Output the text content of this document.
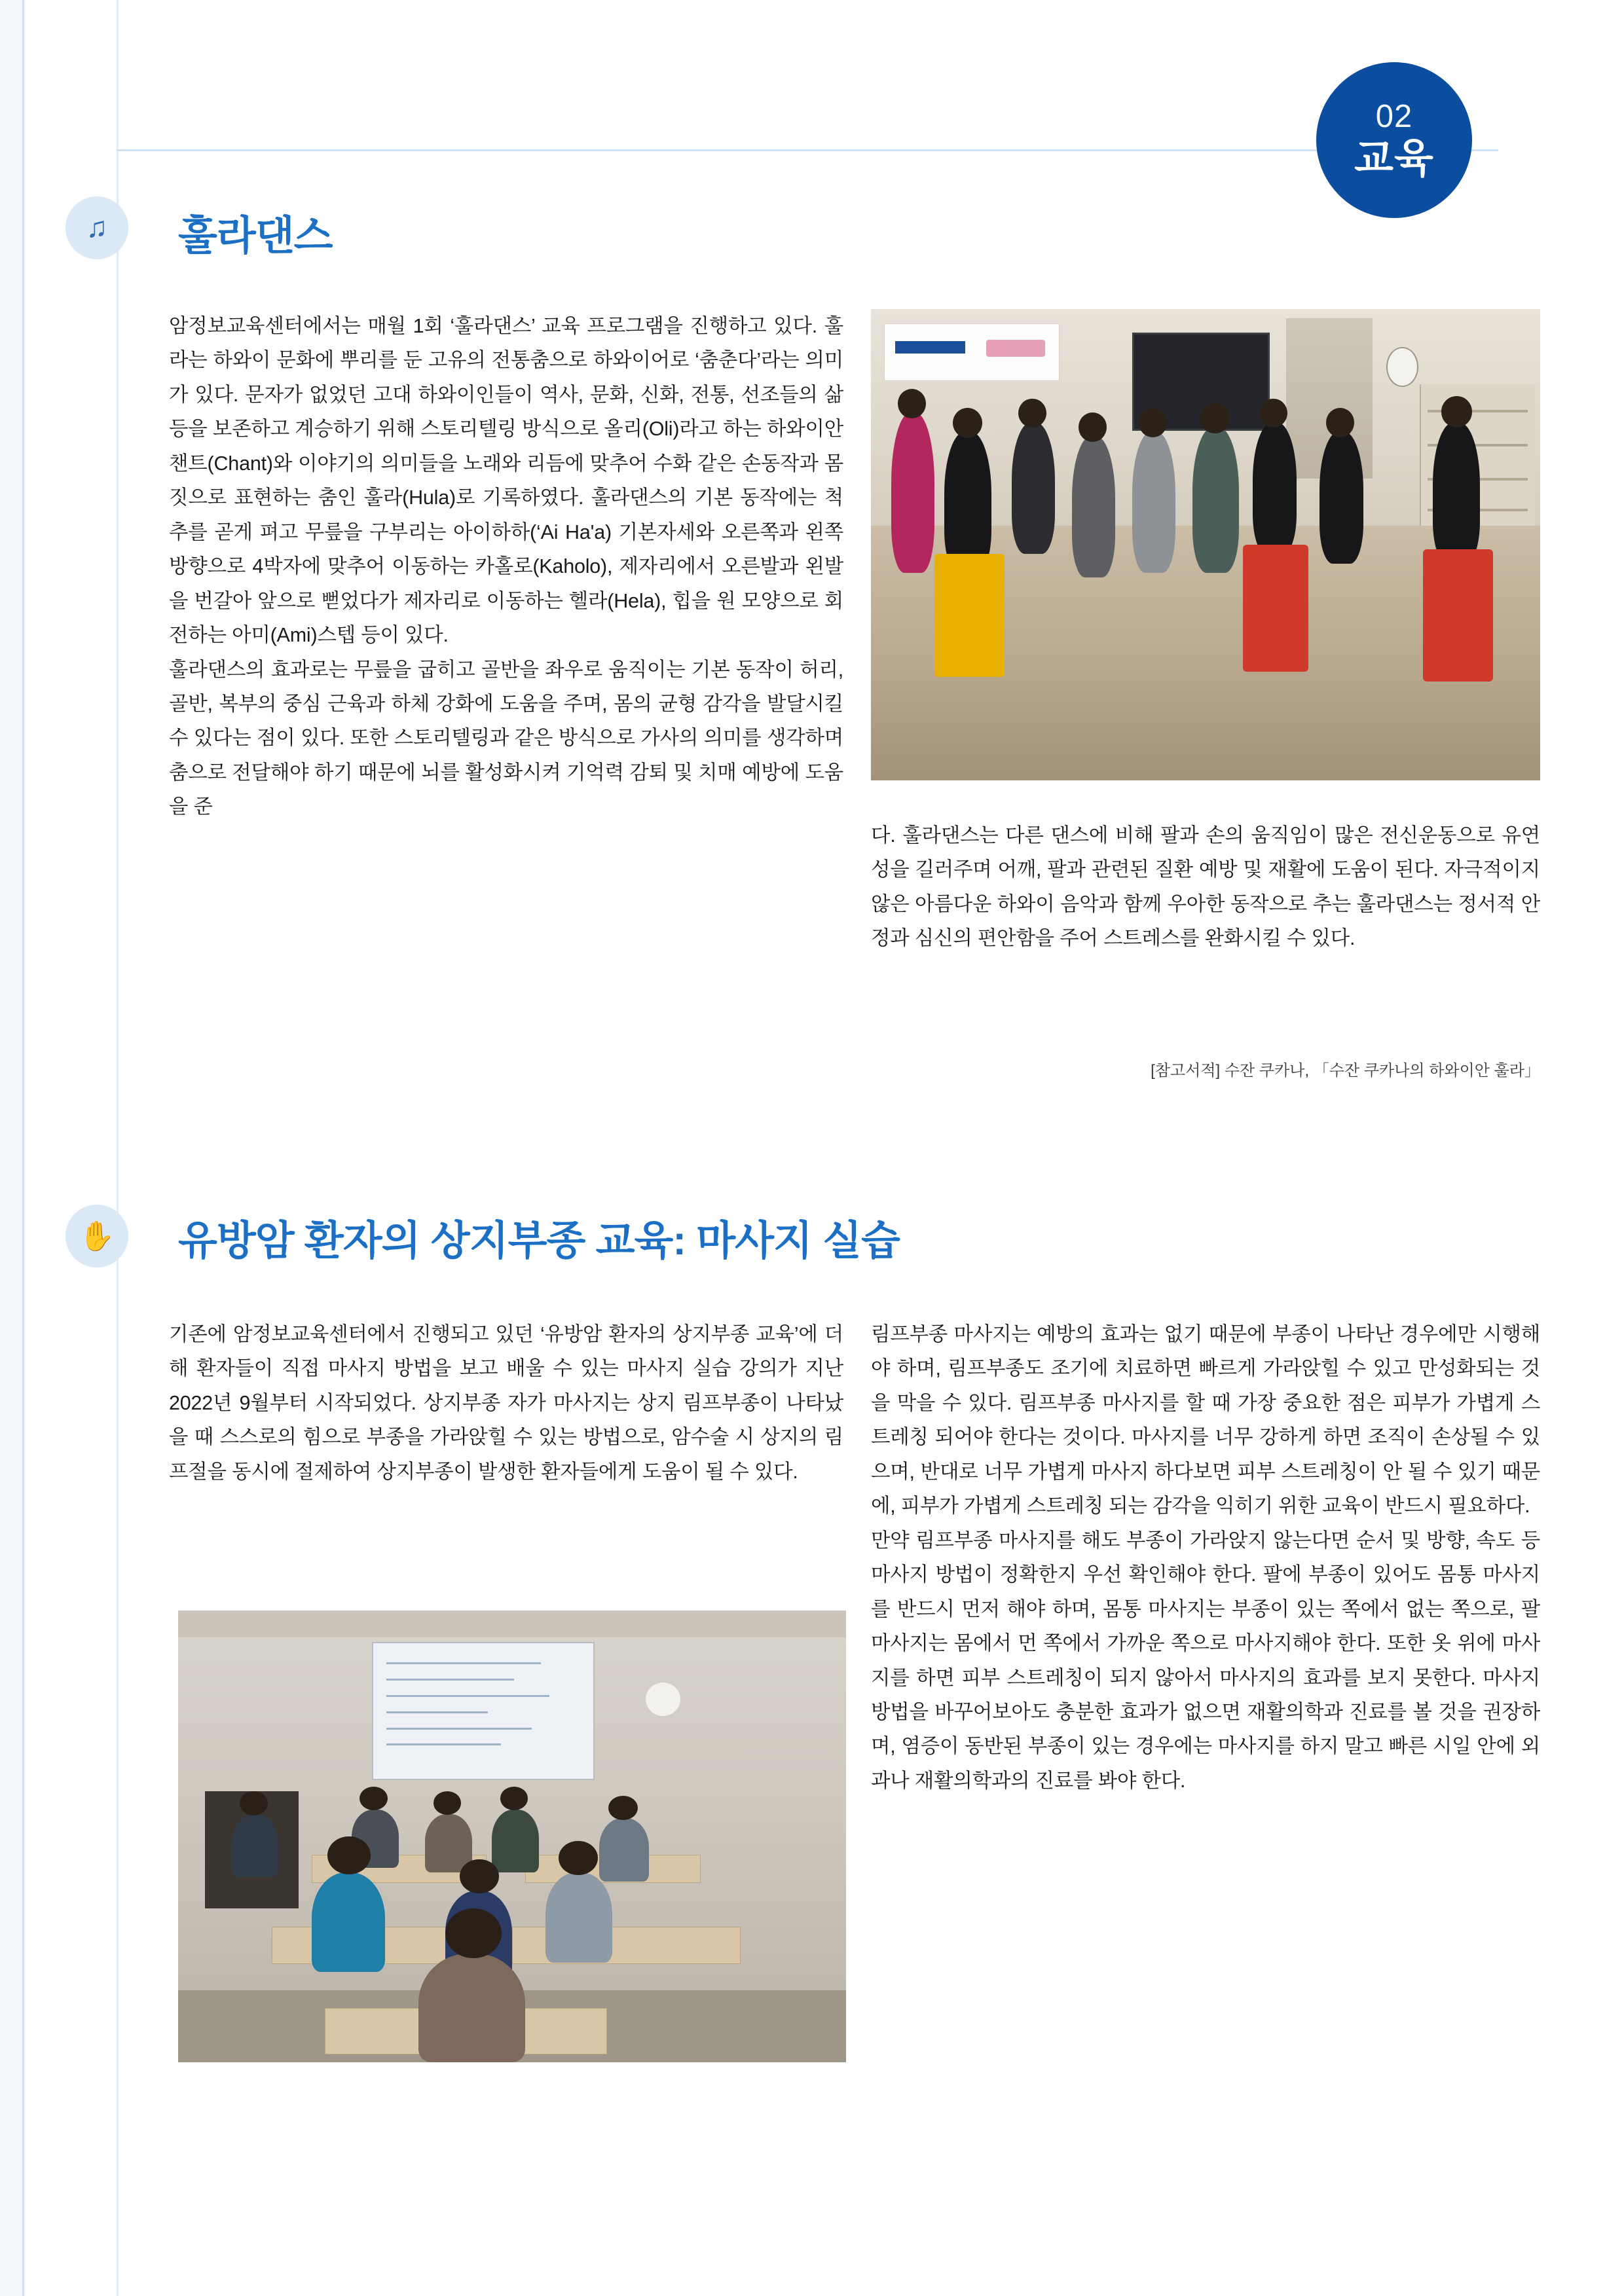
02
교육
♫	훌라댄스

암정보교육센터에서는 매월 1회 ‘훌라댄스’ 교육 프로그램을 진행하고 있다. 훌라는 하와이 문화에 뿌리를 둔 고유의 전통춤으로 하와이어로 ‘춤춘다’라는 의미가 있다. 문자가 없었던 고대 하와이인들이 역사, 문화, 신화, 전통, 선조들의 삶 등을 보존하고 계승하기 위해 스토리텔링 방식으로 올리(Oli)라고 하는 하와이안 챈트(Chant)와 이야기의 의미들을 노래와 리듬에 맞추어 수화 같은 손동작과 몸짓으로 표현하는 춤인 훌라(Hula)로 기록하였다. 훌라댄스의 기본 동작에는 척추를 곧게 펴고 무릎을 구부리는 아이하하(‘Ai Ha'a) 기본자세와 오른쪽과 왼쪽 방향으로 4박자에 맞추어 이동하는 카홀로(Kaholo), 제자리에서 오른발과 왼발을 번갈아 앞으로 뻗었다가 제자리로 이동하는 헬라(Hela), 힙을 원 모양으로 회전하는 아미(Ami)스텝 등이 있다.

훌라댄스의 효과로는 무릎을 굽히고 골반을 좌우로 움직이는 기본 동작이 허리, 골반, 복부의 중심 근육과 하체 강화에 도움을 주며, 몸의 균형 감각을 발달시킬 수 있다는 점이 있다. 또한 스토리텔링과 같은 방식으로 가사의 의미를 생각하며 춤으로 전달해야 하기 때문에 뇌를 활성화시켜 기억력 감퇴 및 치매 예방에 도움을 준

다. 훌라댄스는 다른 댄스에 비해 팔과 손의 움직임이 많은 전신운동으로 유연성을 길러주며 어깨, 팔과 관련된 질환 예방 및 재활에 도움이 된다. 자극적이지 않은 아름다운 하와이 음악과 함께 우아한 동작으로 추는 훌라댄스는 정서적 안정과 심신의 편안함을 주어 스트레스를 완화시킬 수 있다.

[참고서적] 수잔 쿠카나, 「수잔 쿠카나의 하와이안 훌라」
✋	유방암 환자의 상지부종 교육: 마사지 실습

기존에 암정보교육센터에서 진행되고 있던 ‘유방암 환자의 상지부종 교육’에 더해 환자들이 직접 마사지 방법을 보고 배울 수 있는 마사지 실습 강의가 지난 2022년 9월부터 시작되었다. 상지부종 자가 마사지는 상지 림프부종이 나타났을 때 스스로의 힘으로 부종을 가라앉힐 수 있는 방법으로, 암수술 시 상지의 림프절을 동시에 절제하여 상지부종이 발생한 환자들에게 도움이 될 수 있다.

림프부종 마사지는 예방의 효과는 없기 때문에 부종이 나타난 경우에만 시행해야 하며, 림프부종도 조기에 치료하면 빠르게 가라앉힐 수 있고 만성화되는 것을 막을 수 있다. 림프부종 마사지를 할 때 가장 중요한 점은 피부가 가볍게 스트레칭 되어야 한다는 것이다. 마사지를 너무 강하게 하면 조직이 손상될 수 있으며, 반대로 너무 가볍게 마사지 하다보면 피부 스트레칭이 안 될 수 있기 때문에, 피부가 가볍게 스트레칭 되는 감각을 익히기 위한 교육이 반드시 필요하다.

만약 림프부종 마사지를 해도 부종이 가라앉지 않는다면 순서 및 방향, 속도 등 마사지 방법이 정확한지 우선 확인해야 한다. 팔에 부종이 있어도 몸통 마사지를 반드시 먼저 해야 하며, 몸통 마사지는 부종이 있는 쪽에서 없는 쪽으로, 팔 마사지는 몸에서 먼 쪽에서 가까운 쪽으로 마사지해야 한다. 또한 옷 위에 마사지를 하면 피부 스트레칭이 되지 않아서 마사지의 효과를 보지 못한다. 마사지 방법을 바꾸어보아도 충분한 효과가 없으면 재활의학과 진료를 볼 것을 권장하며, 염증이 동반된 부종이 있는 경우에는 마사지를 하지 말고 빠른 시일 안에 외과나 재활의학과의 진료를 봐야 한다.
